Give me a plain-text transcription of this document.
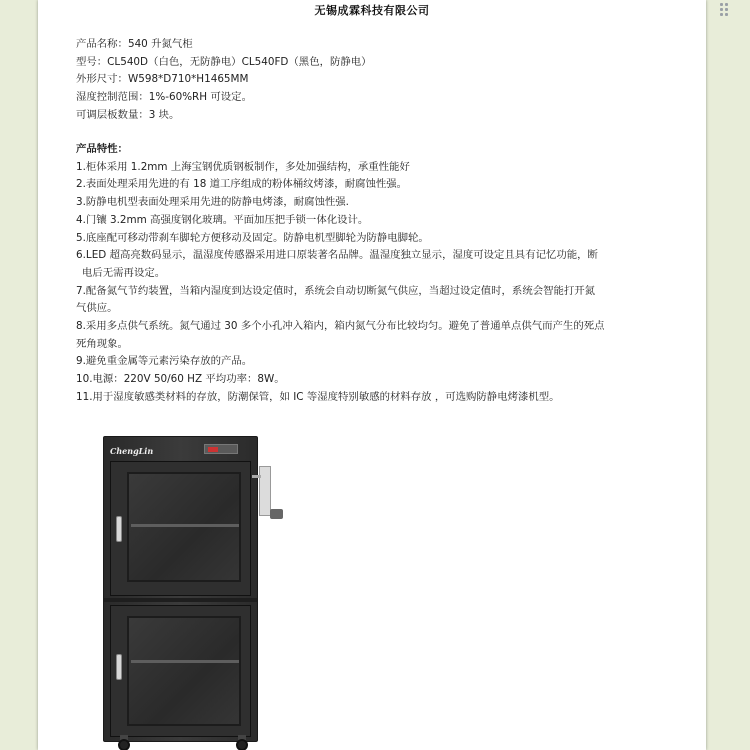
无锡成霖科技有限公司
产品名称：540 升氮气柜
型号：CL540D（白色，无防静电）CL540FD（黑色，防静电）
外形尺寸：W598*D710*H1465MM
湿度控制范围：1%-60%RH 可设定。
可调层板数量：3 块。
产品特性：
1.柜体采用 1.2mm 上海宝钢优质钢板制作，多处加强结构，承重性能好
2.表面处理采用先进的有 18 道工序组成的粉体桶纹烤漆，耐腐蚀性强。
3.防静电机型表面处理采用先进的防静电烤漆，耐腐蚀性强.
4.门镶 3.2mm 高强度钢化玻璃。平面加压把手锁一体化设计。
5.底座配可移动带刹车脚轮方便移动及固定。防静电机型脚轮为防静电脚轮。
6.LED 超高亮数码显示，温湿度传感器采用进口原装著名品牌。温湿度独立显示，湿度可设定且具有记忆功能，断
电后无需再设定。
7.配备氮气节约装置，当箱内湿度到达设定值时，系统会自动切断氮气供应，当超过设定值时，系统会智能打开氮
气供应。
8.采用多点供气系统。氮气通过 30 多个小孔冲入箱内，箱内氮气分布比较均匀。避免了普通单点供气而产生的死点
死角现象。
9.避免重金属等元素污染存放的产品。
10.电源：220V 50/60 HZ 平均功率：8W。
11.用于湿度敏感类材料的存放，防潮保管，如 IC 等湿度特别敏感的材料存放 ，可选购防静电烤漆机型。
ChengLin
